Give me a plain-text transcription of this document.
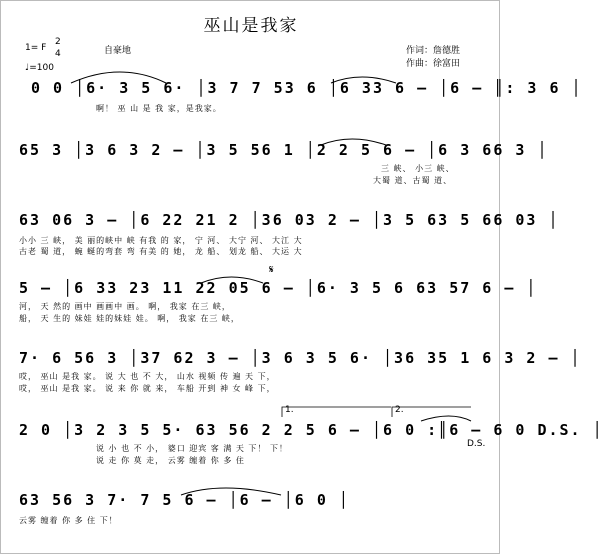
巫山是我家
1= F
2
4
♩=100
自豪地	作词：詹德胜
作曲：徐富田
0 0 │6· 3 5 6· │3 7 7 53 6 │6 33 6 – │6 – ║: 3 6 │
啊！ 巫 山 是 我 家，是我家。
65 3 │3 6 3 2 – │3 5 56 1 │2 2 5 6 – │6 3 66 3 │
三 峡、 小三 峡、
大蜀 道、古蜀 道、
63 06 3 – │6 22 21 2 │36 03 2 – │3 5 63 5 66 03 │
小小 三 峡， 美 丽的峡中 峡 有我 的 家， 宁 河、 大宁 河、 大江 大
古老 蜀 道， 蜿 蜒的弯套 弯 有美 的 她， 龙 船、 划龙 船、 大运 大
5 – │6 33 23 11 22 05 6 – │6· 3 5 6 63 57 6 – │
河， 天 然的 画中 画画中 画。 啊， 我家 在三 峡，
船， 天 生的 妹娃 娃的妹娃 娃。 啊， 我家 在三 峡，
7· 6 56 3 │37 62 3 – │3 6 3 5 6· │36 35 1 6 3 2 – │
哎， 巫山 是我 家。 说 大 也 不 大， 山水 视频 传 遍 天 下，
哎， 巫山 是我 家。 说 来 你 就 来， 车船 开到 神 女 峰 下，
1.	2.
2 0 │3 2 3 5 5· 63 56 2 2 5 6 – │6 0 :║6 – 6 0 D.S. │
说 小 也 不 小， 婆口 迎宾 客 满 天 下！ 下！
说 走 你 莫 走， 云雾 缠着 你 多 住
D.S.
63 56 3 7· 7 5 6 – │6 – │6 0 │
云雾 缠着 你 多 住 下！
𝄋
